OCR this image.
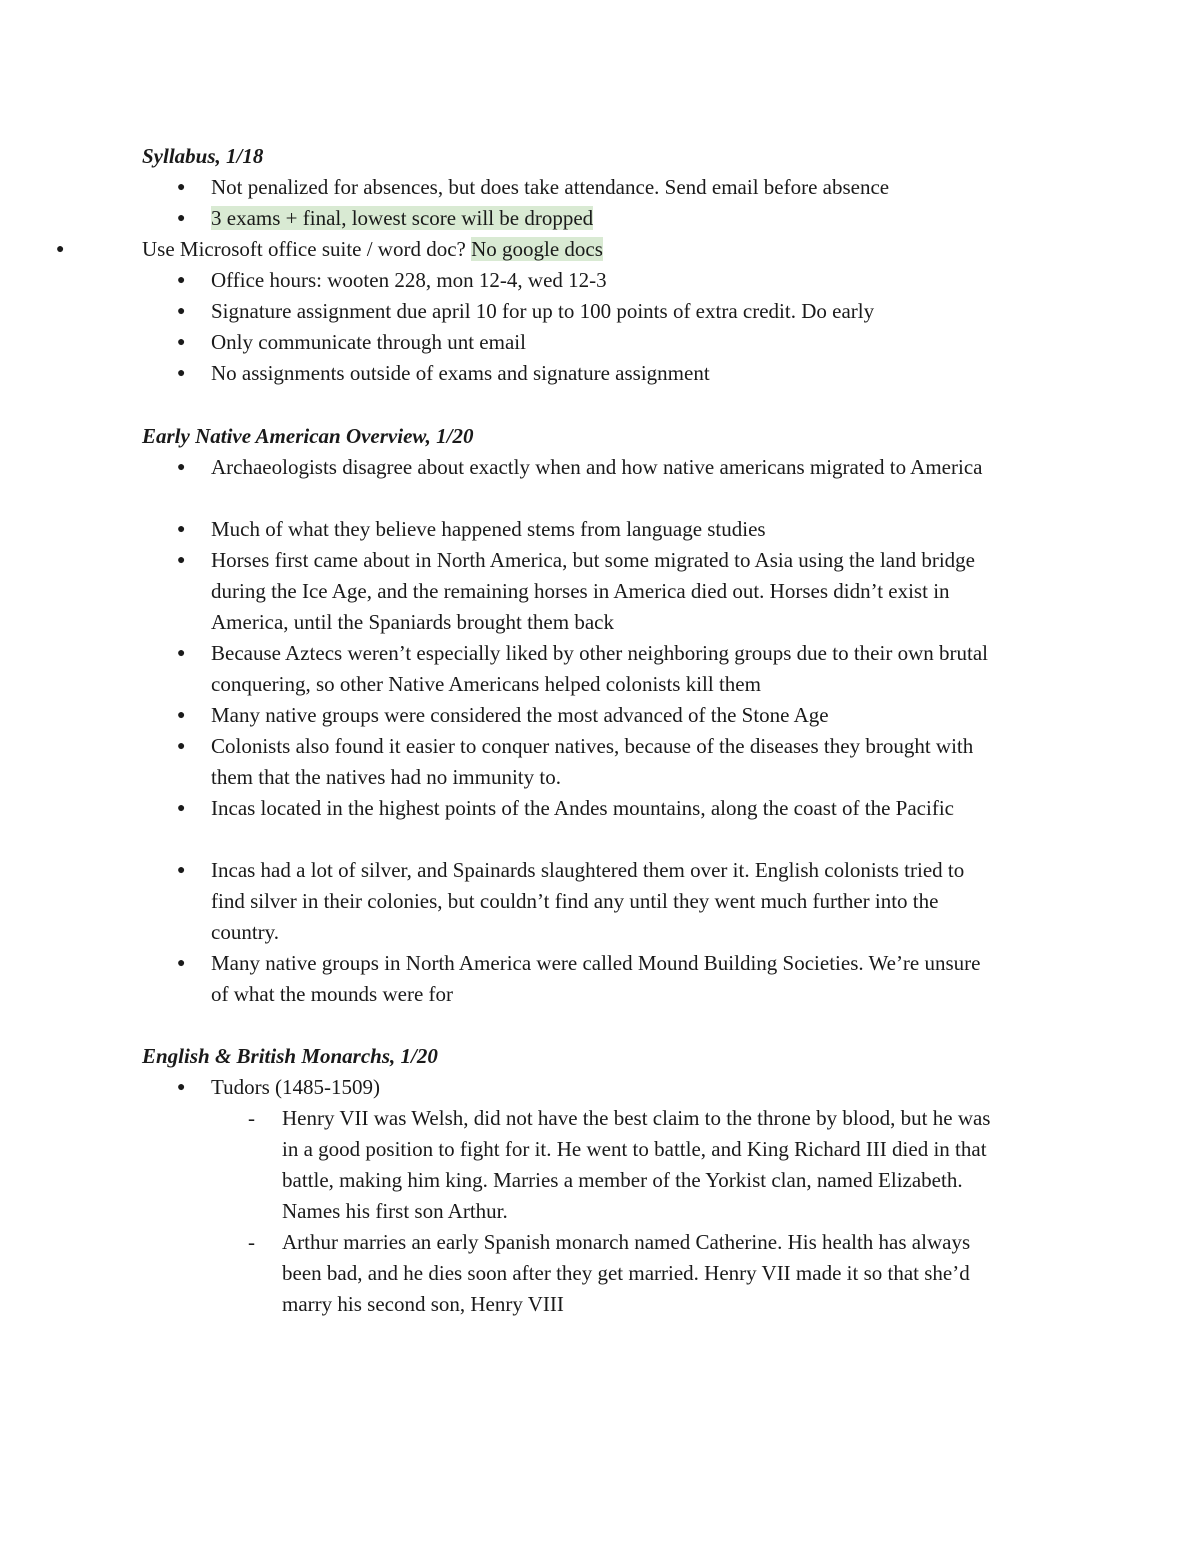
Syllabus, 1/18
● Not penalized for absences, but does take attendance. Send email before absence
● 3 exams + final, lowest score will be dropped
●	Use Microsoft office suite / word doc? No google docs
● Office hours: wooten 228, mon 12-4, wed 12-3
● Signature assignment due april 10 for up to 100 points of extra credit. Do early
● Only communicate through unt email
● No assignments outside of exams and signature assignment
Early Native American Overview, 1/20
● Archaeologists disagree about exactly when and how native americans migrated to America
● Much of what they believe happened stems from language studies
● Horses first came about in North America, but some migrated to Asia using the land bridge during the Ice Age, and the remaining horses in America died out. Horses didn’t exist in America, until the Spaniards brought them back
● Because Aztecs weren’t especially liked by other neighboring groups due to their own brutal conquering, so other Native Americans helped colonists kill them
● Many native groups were considered the most advanced of the Stone Age
● Colonists also found it easier to conquer natives, because of the diseases they brought with them that the natives had no immunity to.
● Incas located in the highest points of the Andes mountains, along the coast of the Pacific
● Incas had a lot of silver, and Spainards slaughtered them over it. English colonists tried to find silver in their colonies, but couldn’t find any until they went much further into the country.
● Many native groups in North America were called Mound Building Societies. We’re unsure of what the mounds were for
English & British Monarchs, 1/20
● Tudors (1485-1509)
- Henry VII was Welsh, did not have the best claim to the throne by blood, but he was in a good position to fight for it. He went to battle, and King Richard III died in that battle, making him king. Marries a member of the Yorkist clan, named Elizabeth. Names his first son Arthur.
- Arthur marries an early Spanish monarch named Catherine. His health has always been bad, and he dies soon after they get married. Henry VII made it so that she’d marry his second son, Henry VIII
